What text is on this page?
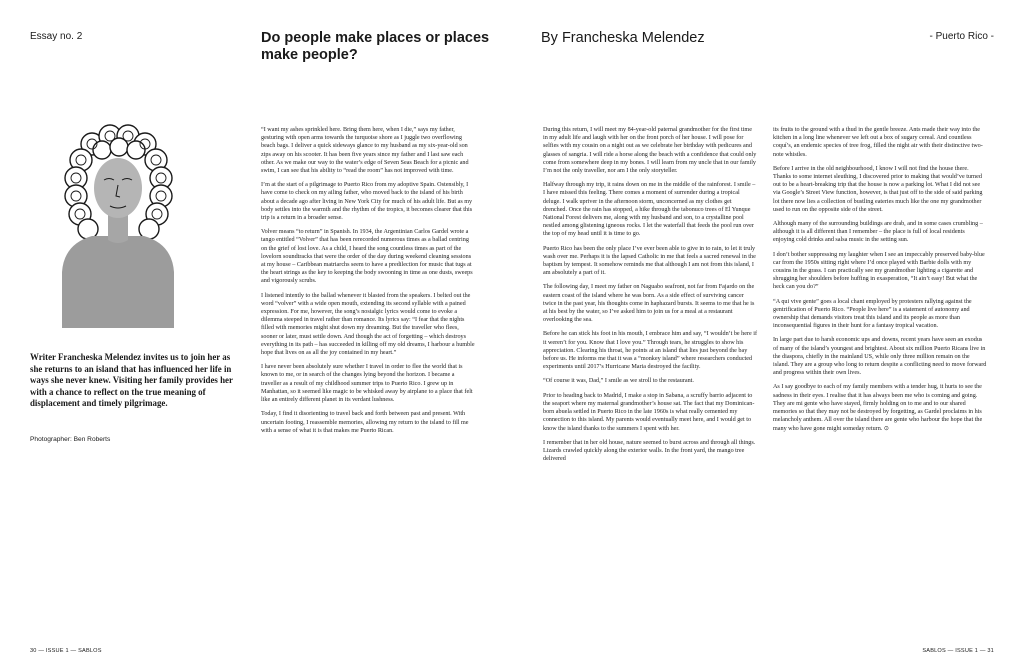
Essay no. 2	Do people make places or places make people?
By Francheska Melendez	- Puerto Rico -
Writer Francheska Melendez invites us to join her as she returns to an island that has influenced her life in ways she never knew. Visiting her family provides her with a chance to reflect on the true meaning of displacement and timely pilgrimage.
Photographer: Ben Roberts

“I want my ashes sprinkled here. Bring them here, when I die,” says my father, gesturing with open arms towards the turquoise shore as I juggle two overflowing beach bags. I deliver a quick sideways glance to my husband as my six-year-old son zips away on his scooter. It has been five years since my father and I last saw each other. As we make our way to the water’s edge of Seven Seas Beach for a picnic and swim, I can see that his ability to “read the room” has not improved with time.

I’m at the start of a pilgrimage to Puerto Rico from my adoptive Spain. Ostensibly, I have come to check on my ailing father, who moved back to the island of his birth about a decade ago after living in New York City for much of his adult life. But as my body settles into the warmth and the rhythm of the tropics, it becomes clearer that this trip is a return in a broader sense.

Volver means “to return” in Spanish. In 1934, the Argentinian Carlos Gardel wrote a tango entitled “Volver” that has been rerecorded numerous times as a ballad centring on the grief of lost love. As a child, I heard the song countless times as part of the lovelorn soundtracks that were the order of the day during weekend cleaning sessions at my house – Caribbean matriarchs seem to have a predilection for music that tugs at the heart strings as the key to keeping the body swooning in time as one dusts, sweeps and vigorously scrubs.

I listened intently to the ballad whenever it blasted from the speakers. I belted out the word “volver” with a wide open mouth, extending its second syllable with a pained expression. For me, however, the song’s nostalgic lyrics would come to evoke a dilemma steeped in travel rather than romance. Its lyrics say: “I fear that the nights filled with memories might shut down my dreaming. But the traveller who flees, sooner or later, must settle down. And though the act of forgetting – which destroys everything in its path – has succeeded in killing off my old dreams, I harbour a humble hope that lives on as all the joy contained in my heart.”

I have never been absolutely sure whether I travel in order to flee the world that is known to me, or in search of the changes lying beyond the horizon. I became a traveller as a result of my childhood summer trips to Puerto Rico. I grew up in Manhattan, so it seemed like magic to be whisked away by airplane to a place that felt like an entirely different planet in its verdant lushness.

Today, I find it disorienting to travel back and forth between past and present. With uncertain footing, I reassemble memories, allowing my return to the island to fill me with a sense of what it is that makes me Puerto Rican.

During this return, I will meet my 84-year-old paternal grandmother for the first time in my adult life and laugh with her on the front porch of her house. I will pose for selfies with my cousin on a night out as we celebrate her birthday with pedicures and glasses of sangria. I will ride a horse along the beach with a confidence that could only come from somewhere deep in my bones. I will learn from my uncle that in our family I’m not the only traveller, nor am I the only storyteller.

Halfway through my trip, it rains down on me in the middle of the rainforest. I smile – I have missed this feeling. There comes a moment of surrender during a tropical deluge. I walk upriver in the afternoon storm, unconcerned as my clothes get drenched. Once the rain has stopped, a hike through the tabonuco trees of El Yunque National Forest delivers me, along with my husband and son, to a crystalline pool nestled among glistening igneous rocks. I let the waterfall that feeds the pool run over the top of my head until it is time to go.

Puerto Rico has been the only place I’ve ever been able to give in to rain, to let it truly wash over me. Perhaps it is the lapsed Catholic in me that feels a sacred renewal in the baptism by tempest. It somehow reminds me that although I am not from this island, I am absolutely a part of it.

The following day, I meet my father on Naguabo seafront, not far from Fajardo on the eastern coast of the island where he was born. As a side effect of surviving cancer twice in the past year, his thoughts come in haphazard bursts. It seems to me that he is at his best by the water, so I’ve asked him to join us for a meal at a restaurant overlooking the sea.

Before he can stick his foot in his mouth, I embrace him and say, “I wouldn’t be here if it weren’t for you. Know that I love you.” Through tears, he struggles to show his appreciation. Clearing his throat, he points at an island that lies just beyond the bay before us. He informs me that it was a “monkey island” where researchers conducted experiments until 2017’s Hurricane Maria destroyed the facility.

“Of course it was, Dad,” I smile as we stroll to the restaurant.

Prior to heading back to Madrid, I make a stop in Sabana, a scruffy barrio adjacent to the seaport where my maternal grandmother’s house sat. The fact that my Dominican-born abuela settled in Puerto Rico in the late 1960s is what really cemented my connection to this island. My parents would eventually meet here, and I would get to know the island thanks to the summers I spent with her.

I remember that in her old house, nature seemed to burst across and through all things. Lizards crawled quickly along the exterior walls. In the front yard, the mango tree delivered

its fruits to the ground with a thud in the gentle breeze. Ants made their way into the kitchen in a long line whenever we left out a box of sugary cereal. And countless coquí’s, an endemic species of tree frog, filled the night air with their distinctive two-note whistles.

Before I arrive in the old neighbourhood, I know I will not find the house there. Thanks to some internet sleuthing, I discovered prior to making that would’ve turned out to be a heart-breaking trip that the house is now a parking lot. What I did not see via Google’s Street View function, however, is that just off to the side of said parking lot there now lies a collection of bustling eateries much like the one my grandmother used to run on the opposite side of the street.

Although many of the surrounding buildings are drab, and in some cases crumbling – although it is all different than I remember – the place is full of local residents enjoying cold drinks and salsa music in the setting sun.

I don’t bother suppressing my laughter when I see an impeccably preserved baby-blue car from the 1950s sitting right where I’d once played with Barbie dolls with my cousins in the grass. I can practically see my grandmother lighting a cigarette and shrugging her shoulders before huffing in exasperation, “It ain’t easy! But what the heck can you do?”

“A qui vive gente” goes a local chant employed by protesters rallying against the gentrification of Puerto Rico. “People live here” is a statement of autonomy and ownership that demands visitors treat this island and its people as more than inconsequential figures in their hunt for a fantasy tropical vacation.

In large part due to harsh economic ups and downs, recent years have seen an exodus of many of the island’s youngest and brightest. About six million Puerto Ricans live in the diaspora, chiefly in the mainland US, while only three million remain on the island. They are a group who long to return despite a conflicting need to move forward and progress within their own lives.

As I say goodbye to each of my family members with a tender hug, it hurts to see the sadness in their eyes. I realise that it has always been me who is coming and going. They are mi gente who have stayed, firmly holding on to me and to our shared memories so that they may not be destroyed by forgetting, as Gardel proclaims in his melancholy anthem. All over the island there are gente who harbour the hope that the many who have gone might someday return. ⊙

30 — ISSUE 1 — SABLOS	SABLOS — ISSUE 1 — 31
